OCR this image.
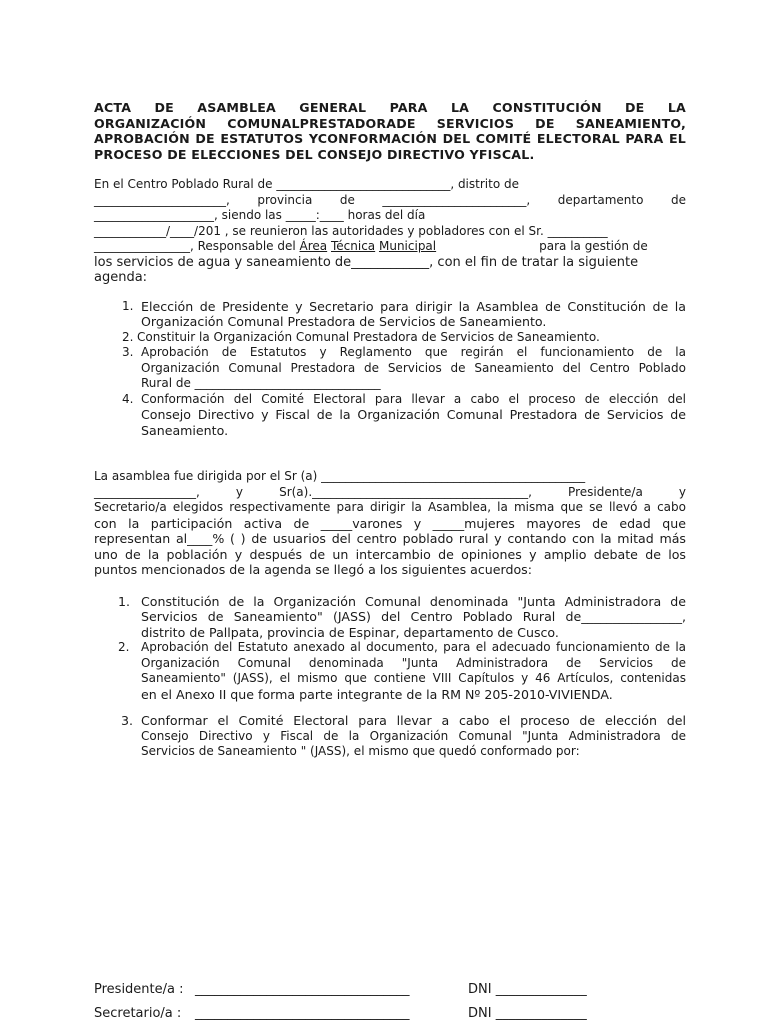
ACTA DE ASAMBLEA GENERAL PARA LA CONSTITUCIÓN DE LA
ORGANIZACIÓN COMUNALPRESTADORADE SERVICIOS DE SANEAMIENTO,
APROBACIÓN DE ESTATUTOS YCONFORMACIÓN DEL COMITÉ ELECTORAL PARA EL
PROCESO DE ELECCIONES DEL CONSEJO DIRECTIVO YFISCAL.

En el Centro Poblado Rural de _____________________________, distrito de
______________________, provincia de ________________________, departamento de
____________________, siendo las _____:____ horas del día
____________/____/201 , se reunieron las autoridades y pobladores con el Sr. __________
________________, Responsable del Área Técnica Municipal                           para la gestión de
los servicios de agua y saneamiento de____________, con el fin de tratar la siguiente
agenda:
1. Elección de Presidente y Secretario para dirigir la Asamblea de Constitución de la
Organización Comunal Prestadora de Servicios de Saneamiento.
2. Constituir la Organización Comunal Prestadora de Servicios de Saneamiento.
3. Aprobación de Estatutos y Reglamento que regirán el funcionamiento de la
Organización Comunal Prestadora de Servicios de Saneamiento del Centro Poblado
Rural de _______________________________
4. Conformación del Comité Electoral para llevar a cabo el proceso de elección del
Consejo Directivo y Fiscal de la Organización Comunal Prestadora de Servicios de
Saneamiento.
La asamblea fue dirigida por el Sr (a) ____________________________________________
_________________, y Sr(a).____________________________________, Presidente/a y
Secretario/a elegidos respectivamente para dirigir la Asamblea, la misma que se llevó a cabo
con la participación activa de _____varones y _____mujeres mayores de edad que
representan al____% ( ) de usuarios del centro poblado rural y contando con la mitad más
uno de la población y después de un intercambio de opiniones y amplio debate de los
puntos mencionados de la agenda se llegó a los siguientes acuerdos:
1. Constitución de la Organización Comunal denominada "Junta Administradora de
Servicios de Saneamiento" (JASS) del Centro Poblado Rural de________________,
distrito de Pallpata, provincia de Espinar, departamento de Cusco.
2. Aprobación del Estatuto anexado al documento, para el adecuado funcionamiento de la
Organización Comunal denominada "Junta Administradora de Servicios de
Saneamiento" (JASS), el mismo que contiene VIII Capítulos y 46 Artículos, contenidas
en el Anexo II que forma parte integrante de la RM Nº 205-2010-VIVIENDA.
3. Conformar el Comité Electoral para llevar a cabo el proceso de elección del
Consejo Directivo y Fiscal de la Organización Comunal "Junta Administradora de
Servicios de Saneamiento " (JASS), el mismo que quedó conformado por:
Presidente/a : _________________________________	DNI ______________
Secretario/a : _________________________________	DNI ______________
